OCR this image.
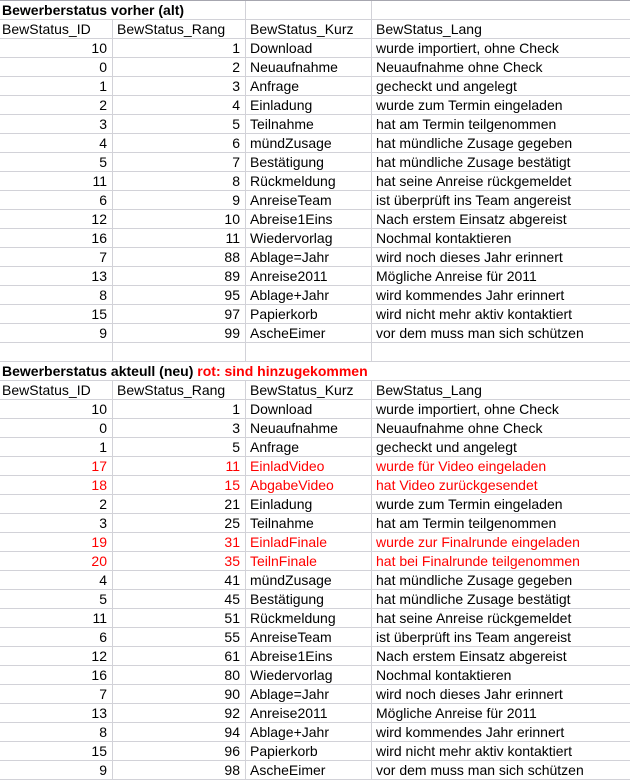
Bewerberstatus vorher (alt)
BewStatus_ID	BewStatus_Rang	BewStatus_Kurz	BewStatus_Lang
10	1 Download	wurde importiert, ohne Check
0	2 Neuaufnahme	Neuaufnahme ohne Check
1	3 Anfrage	gecheckt und angelegt
2	4 Einladung	wurde zum Termin eingeladen
3	5 Teilnahme	hat am Termin teilgenommen
4	6 mündZusage	hat mündliche Zusage gegeben
5	7 Bestätigung	hat mündliche Zusage bestätigt
11	8 Rückmeldung	hat seine Anreise rückgemeldet
6	9 AnreiseTeam	ist überprüft ins Team angereist
12	10 Abreise1Eins	Nach erstem Einsatz abgereist
16	11 Wiedervorlag	Nochmal kontaktieren
7	88 Ablage=Jahr	wird noch dieses Jahr erinnert
13	89 Anreise2011	Mögliche Anreise für 2011
8	95 Ablage+Jahr	wird kommendes Jahr erinnert
15	97 Papierkorb	wird nicht mehr aktiv kontaktiert
9	99 AscheEimer	vor dem muss man sich schützen
Bewerberstatus akteull (neu) rot: sind hinzugekommen
BewStatus_ID	BewStatus_Rang	BewStatus_Kurz	BewStatus_Lang
10	1 Download	wurde importiert, ohne Check
0	3 Neuaufnahme	Neuaufnahme ohne Check
1	5 Anfrage	gecheckt und angelegt
17	11 EinladVideo	wurde für Video eingeladen
18	15 AbgabeVideo	hat Video zurückgesendet
2	21 Einladung	wurde zum Termin eingeladen
3	25 Teilnahme	hat am Termin teilgenommen
19	31 EinladFinale	wurde zur Finalrunde eingeladen
20	35 TeilnFinale	hat bei Finalrunde teilgenommen
4	41 mündZusage	hat mündliche Zusage gegeben
5	45 Bestätigung	hat mündliche Zusage bestätigt
11	51 Rückmeldung	hat seine Anreise rückgemeldet
6	55 AnreiseTeam	ist überprüft ins Team angereist
12	61 Abreise1Eins	Nach erstem Einsatz abgereist
16	80 Wiedervorlag	Nochmal kontaktieren
7	90 Ablage=Jahr	wird noch dieses Jahr erinnert
13	92 Anreise2011	Mögliche Anreise für 2011
8	94 Ablage+Jahr	wird kommendes Jahr erinnert
15	96 Papierkorb	wird nicht mehr aktiv kontaktiert
9	98 AscheEimer	vor dem muss man sich schützen
